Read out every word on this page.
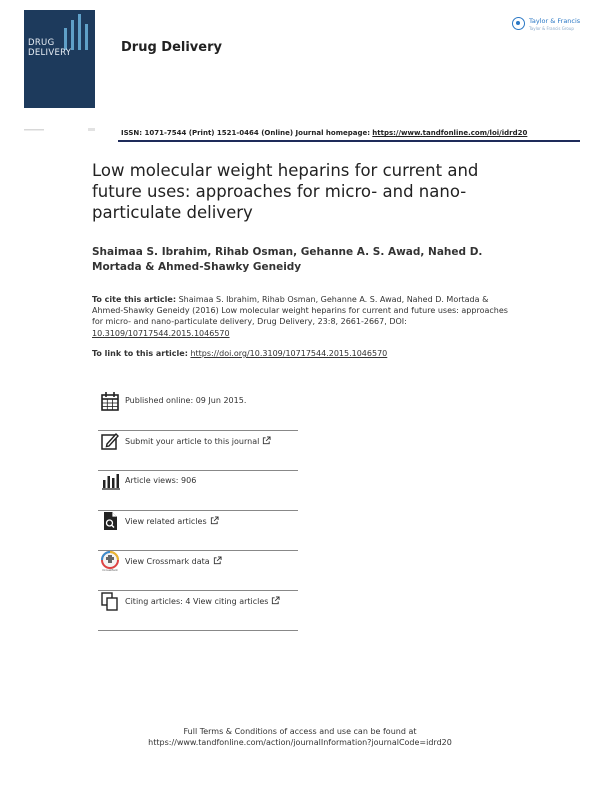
DRUG
DELIVERY	Drug Delivery
Taylor & Francis
Taylor & Francis Group
ISSN: 1071-7544 (Print) 1521-0464 (Online) Journal homepage: https://www.tandfonline.com/loi/idrd20
Low molecular weight heparins for current and future uses: approaches for micro- and nano-particulate delivery
Shaimaa S. Ibrahim, Rihab Osman, Gehanne A. S. Awad, Nahed D. Mortada & Ahmed-Shawky Geneidy
To cite this article: Shaimaa S. Ibrahim, Rihab Osman, Gehanne A. S. Awad, Nahed D. Mortada & Ahmed-Shawky Geneidy (2016) Low molecular weight heparins for current and future uses: approaches for micro- and nano-particulate delivery, Drug Delivery, 23:8, 2661-2667, DOI: 10.3109/10717544.2015.1046570
To link to this article: https://doi.org/10.3109/10717544.2015.1046570
Published online: 09 Jun 2015.
Submit your article to this journal
Article views: 906
View related articles
CrossMark
View Crossmark data
Citing articles: 4 View citing articles
Full Terms & Conditions of access and use can be found at
https://www.tandfonline.com/action/journalInformation?journalCode=idrd20
